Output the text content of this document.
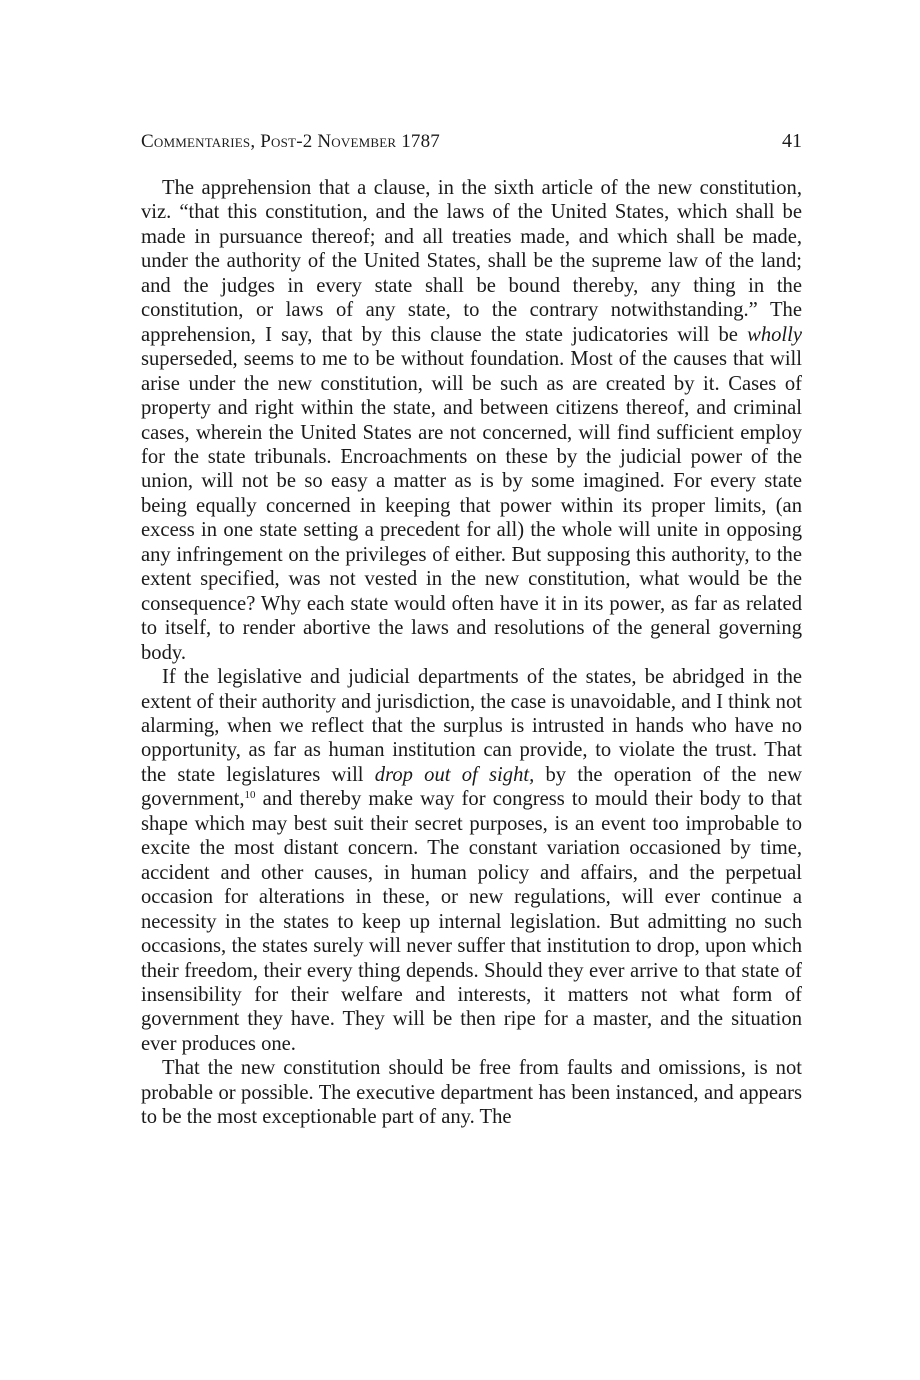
Commentaries, Post-2 November 1787	41

The apprehension that a clause, in the sixth article of the new constitution, viz. “that this constitution, and the laws of the United States, which shall be made in pursuance thereof; and all treaties made, and which shall be made, under the authority of the United States, shall be the supreme law of the land; and the judges in every state shall be bound thereby, any thing in the constitution, or laws of any state, to the contrary notwithstanding.” The apprehension, I say, that by this clause the state judicatories will be wholly superseded, seems to me to be without foundation. Most of the causes that will arise under the new constitution, will be such as are created by it. Cases of property and right within the state, and between citizens thereof, and criminal cases, wherein the United States are not concerned, will find sufficient employ for the state tribunals. Encroachments on these by the judicial power of the union, will not be so easy a matter as is by some imagined. For every state being equally concerned in keeping that power within its proper limits, (an excess in one state setting a precedent for all) the whole will unite in opposing any infringement on the privileges of either. But supposing this authority, to the extent specified, was not vested in the new constitution, what would be the consequence? Why each state would often have it in its power, as far as related to itself, to render abortive the laws and resolutions of the general governing body.

If the legislative and judicial departments of the states, be abridged in the extent of their authority and jurisdiction, the case is unavoidable, and I think not alarming, when we reflect that the surplus is intrusted in hands who have no opportunity, as far as human institution can provide, to violate the trust. That the state legislatures will drop out of sight, by the operation of the new government,$^{10}$ and thereby make way for congress to mould their body to that shape which may best suit their secret purposes, is an event too improbable to excite the most distant concern. The constant variation occasioned by time, accident and other causes, in human policy and affairs, and the perpetual occasion for alterations in these, or new regulations, will ever continue a necessity in the states to keep up internal legislation. But admitting no such occasions, the states surely will never suffer that institution to drop, upon which their freedom, their every thing depends. Should they ever arrive to that state of insensibility for their welfare and interests, it matters not what form of government they have. They will be then ripe for a master, and the situation ever produces one.

That the new constitution should be free from faults and omissions, is not probable or possible. The executive department has been instanced, and appears to be the most exceptionable part of any. The
